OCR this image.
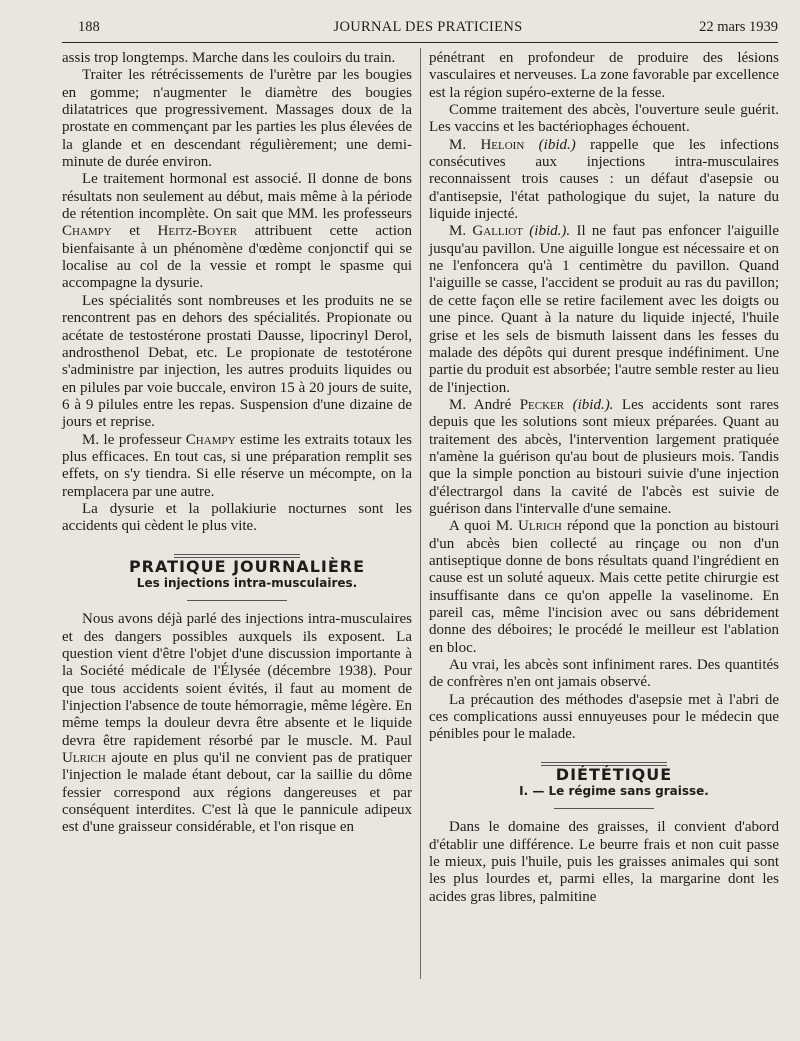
188	JOURNAL DES PRATICIENS	22 mars 1939

assis trop longtemps. Marche dans les couloirs du train.

Traiter les rétrécissements de l'urètre par les bougies en gomme; n'augmenter le diamètre des bougies dilatatrices que progressivement. Massages doux de la prostate en commençant par les parties les plus élevées de la glande et en descendant régulièrement; une demi-minute de durée environ.

Le traitement hormonal est associé. Il donne de bons résultats non seulement au début, mais même à la période de rétention incomplète. On sait que MM. les professeurs Champy et Heitz-Boyer attribuent cette action bienfaisante à un phénomène d'œdème conjonctif qui se localise au col de la vessie et rompt le spasme qui accompagne la dysurie.

Les spécialités sont nombreuses et les produits ne se rencontrent pas en dehors des spécialités. Propionate ou acétate de testostérone prostati Dausse, lipocrinyl Derol, androsthenol Debat, etc. Le propionate de testotérone s'administre par injection, les autres produits liquides ou en pilules par voie buccale, environ 15 à 20 jours de suite, 6 à 9 pilules entre les repas. Suspension d'une dizaine de jours et reprise.

M. le professeur Champy estime les extraits totaux les plus efficaces. En tout cas, si une préparation remplit ses effets, on s'y tiendra. Si elle réserve un mécompte, on la remplacera par une autre.

La dysurie et la pollakiurie nocturnes sont les accidents qui cèdent le plus vite.

PRATIQUE JOURNALIÈRE

Les injections intra-musculaires.

Nous avons déjà parlé des injections intra-musculaires et des dangers possibles auxquels ils exposent. La question vient d'être l'objet d'une discussion importante à la Société médicale de l'Élysée (décembre 1938). Pour que tous accidents soient évités, il faut au moment de l'injection l'absence de toute hémorragie, même légère. En même temps la douleur devra être absente et le liquide devra être rapidement résorbé par le muscle. M. Paul Ulrich ajoute en plus qu'il ne convient pas de pratiquer l'injection le malade étant debout, car la saillie du dôme fessier correspond aux régions dangereuses et par conséquent interdites. C'est là que le pannicule adipeux est d'une graisseur considérable, et l'on risque en

pénétrant en profondeur de produire des lésions vasculaires et nerveuses. La zone favorable par excellence est la région supéro-externe de la fesse.

Comme traitement des abcès, l'ouverture seule guérit. Les vaccins et les bactériophages échouent.

M. Heloin (ibid.) rappelle que les infections consécutives aux injections intra-musculaires reconnaissent trois causes : un défaut d'asepsie ou d'antisepsie, l'état pathologique du sujet, la nature du liquide injecté.

M. Galliot (ibid.). Il ne faut pas enfoncer l'aiguille jusqu'au pavillon. Une aiguille longue est nécessaire et on ne l'enfoncera qu'à 1 centimètre du pavillon. Quand l'aiguille se casse, l'accident se produit au ras du pavillon; de cette façon elle se retire facilement avec les doigts ou une pince. Quant à la nature du liquide injecté, l'huile grise et les sels de bismuth laissent dans les fesses du malade des dépôts qui durent presque indéfiniment. Une partie du produit est absorbée; l'autre semble rester au lieu de l'injection.

M. André Pecker (ibid.). Les accidents sont rares depuis que les solutions sont mieux préparées. Quant au traitement des abcès, l'intervention largement pratiquée n'amène la guérison qu'au bout de plusieurs mois. Tandis que la simple ponction au bistouri suivie d'une injection d'électrargol dans la cavité de l'abcès est suivie de guérison dans l'intervalle d'une semaine.

A quoi M. Ulrich répond que la ponction au bistouri d'un abcès bien collecté au rinçage ou non d'un antiseptique donne de bons résultats quand l'ingrédient en cause est un soluté aqueux. Mais cette petite chirurgie est insuffisante dans ce qu'on appelle la vaselinome. En pareil cas, même l'incision avec ou sans débridement donne des déboires; le procédé le meilleur est l'ablation en bloc.

Au vrai, les abcès sont infiniment rares. Des quantités de confrères n'en ont jamais observé.

La précaution des méthodes d'asepsie met à l'abri de ces complications aussi ennuyeuses pour le médecin que pénibles pour le malade.

DIÉTÉTIQUE

I. — Le régime sans graisse.

Dans le domaine des graisses, il convient d'abord d'établir une différence. Le beurre frais et non cuit passe le mieux, puis l'huile, puis les graisses animales qui sont les plus lourdes et, parmi elles, la margarine dont les acides gras libres, palmitine
